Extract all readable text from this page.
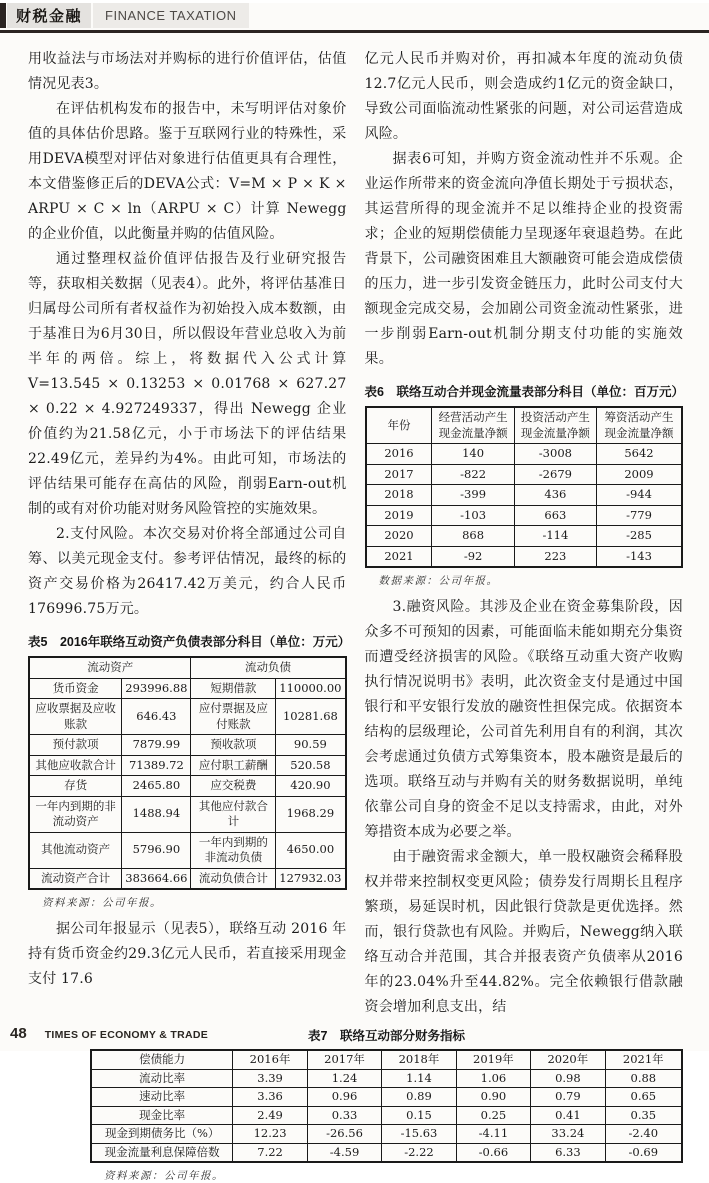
财税金融	FINANCE TAXATION

用收益法与市场法对并购标的进行价值评估，估值情况见表3。

在评估机构发布的报告中，未写明评估对象价值的具体估价思路。鉴于互联网行业的特殊性，采用DEVA模型对评估对象进行估值更具有合理性，本文借鉴修正后的DEVA公式：V=M × P × K × ARPU × C × ln（ARPU × C）计算 Newegg 的企业价值，以此衡量并购的估值风险。

通过整理权益价值评估报告及行业研究报告等，获取相关数据（见表4）。此外，将评估基准日归属母公司所有者权益作为初始投入成本数额，由于基准日为6月30日，所以假设年营业总收入为前半年的两倍。综上，将数据代入公式计算V=13.545 × 0.13253 × 0.01768 × 627.27 × 0.22 × 4.927249337，得出 Newegg 企业价值约为21.58亿元，小于市场法下的评估结果22.49亿元，差异约为4%。由此可知，市场法的评估结果可能存在高估的风险，削弱Earn-out机制的或有对价功能对财务风险管控的实施效果。

2.支付风险。本次交易对价将全部通过公司自筹、以美元现金支付。参考评估情况，最终的标的资产交易价格为26417.42万美元，约合人民币176996.75万元。

表5　2016年联络互动资产负债表部分科目（单位：万元）
流动资产		流动负债	
货币资金	293996.88	短期借款	110000.00
应收票据及应收账款	646.43	应付票据及应付账款	10281.68
预付款项	7879.99	预收款项	90.59
其他应收款合计	71389.72	应付职工薪酬	520.58
存货	2465.80	应交税费	420.90
一年内到期的非流动资产	1488.94	其他应付款合计	1968.29
其他流动资产	5796.90	一年内到期的非流动负债	4650.00
流动资产合计	383664.66	流动负债合计	127932.03
资料来源：公司年报。

据公司年报显示（见表5），联络互动 2016 年持有货币资金约29.3亿元人民币，若直接采用现金支付 17.6

亿元人民币并购对价，再扣减本年度的流动负债12.7亿元人民币，则会造成约1亿元的资金缺口，导致公司面临流动性紧张的问题，对公司运营造成风险。

据表6可知，并购方资金流动性并不乐观。企业运作所带来的资金流向净值长期处于亏损状态，其运营所得的现金流并不足以维持企业的投资需求；企业的短期偿债能力呈现逐年衰退趋势。在此背景下，公司融资困难且大额融资可能会造成偿债的压力，进一步引发资金链压力，此时公司支付大额现金完成交易，会加剧公司资金流动性紧张，进一步削弱Earn-out机制分期支付功能的实施效果。

表6　联络互动合并现金流量表部分科目（单位：百万元）
年份	经营活动产生现金流量净额	投资活动产生现金流量净额	筹资活动产生现金流量净额
2016	140	-3008	5642
2017	-822	-2679	2009
2018	-399	436	-944
2019	-103	663	-779
2020	868	-114	-285
2021	-92	223	-143
数据来源：公司年报。

3.融资风险。其涉及企业在资金募集阶段，因众多不可预知的因素，可能面临未能如期充分集资而遭受经济损害的风险。《联络互动重大资产收购执行情况说明书》表明，此次资金支付是通过中国银行和平安银行发放的融资性担保完成。依据资本结构的层级理论，公司首先利用自有的利润，其次会考虑通过负债方式筹集资本，股本融资是最后的选项。联络互动与并购有关的财务数据说明，单纯依靠公司自身的资金不足以支持需求，由此，对外筹措资本成为必要之举。

由于融资需求金额大，单一股权融资会稀释股权并带来控制权变更风险；债券发行周期长且程序繁琐，易延误时机，因此银行贷款是更优选择。然而，银行贷款也有风险。并购后，Newegg纳入联络互动合并范围，其合并报表资产负债率从2016年的23.04%升至44.82%。完全依赖银行借款融资会增加利息支出，结

表7　联络互动部分财务指标
偿债能力	2016年	2017年	2018年	2019年	2020年	2021年
流动比率	3.39	1.24	1.14	1.06	0.98	0.88
速动比率	3.36	0.96	0.89	0.90	0.79	0.65
现金比率	2.49	0.33	0.15	0.25	0.41	0.35
现金到期债务比（%）	12.23	-26.56	-15.63	-4.11	33.24	-2.40
现金流量利息保障倍数	7.22	-4.59	-2.22	-0.66	6.33	-0.69
资料来源：公司年报。
48 TIMES OF ECONOMY & TRADE
